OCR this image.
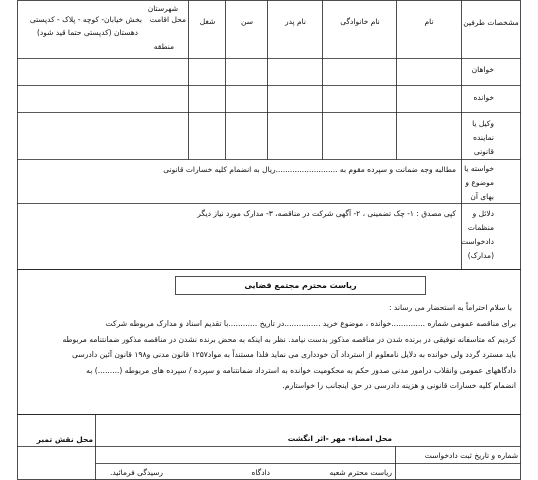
مشخصات طرفین
نام
نام خانوادگی
نام پدر
سن
شغل
محل اقامت
شهرستان
بخش خیابان- کوچه - پلاک - کدپستی
دهستان (کدپستی حتما قید شود)
منطقه
خواهان
خوانده
وکیل یا
نماینده
قانونی
خواسته یا
موضوع و
بهای آن
مطالبه وجه ضمانت و سپرده مقوم به ..........................ریال به انضمام کلیه خسارات قانونی
دلائل و
منظمات
دادخواست
(مدارک)
کپی مصدق : ۱- چک تضمینی ، ۲- آگهی شرکت در مناقصه، ۳- مدارک مورد نیاز دیگر
ریاست محترم مجتمع قضایی
با سلام احتراماً به استحضار می رساند :
برای مناقصه عمومی شماره ..............خوانده ، موضوع خرید ...............در تاریخ ............با تقدیم اسناد و مدارک مربوطه شرکت
کردیم که متاسفانه توفیقی در برنده شدن در مناقصه مذکور بدست نیامد. نظر به اینکه به محض برنده نشدن در مناقصه مذکور ضمانتنامه مربوطه
باید مسترد گردد ولی خوانده به دلایل نامعلوم از استرداد آن خودداری می نماید فلذا مستنداً به مواد۱۲۵۷ قانون مدنی و۱۹۸ قانون آئین دادرسی
دادگاههای عمومی وانقلاب درامور مدنی صدور حکم به محکومیت خوانده به استرداد ضمانتنامه و سپرده / سپرده های مربوطه (.........) به
انضمام کلیه خسارات قانونی و هزینه دادرسی در حق اینجانب را خواستارم.
محل نقش تمبر	محل امضاء- مهر -اثر انگشت
شماره و تاریخ ثبت دادخواست
ریاست محترم شعبه
دادگاه
رسیدگی فرمائید.
